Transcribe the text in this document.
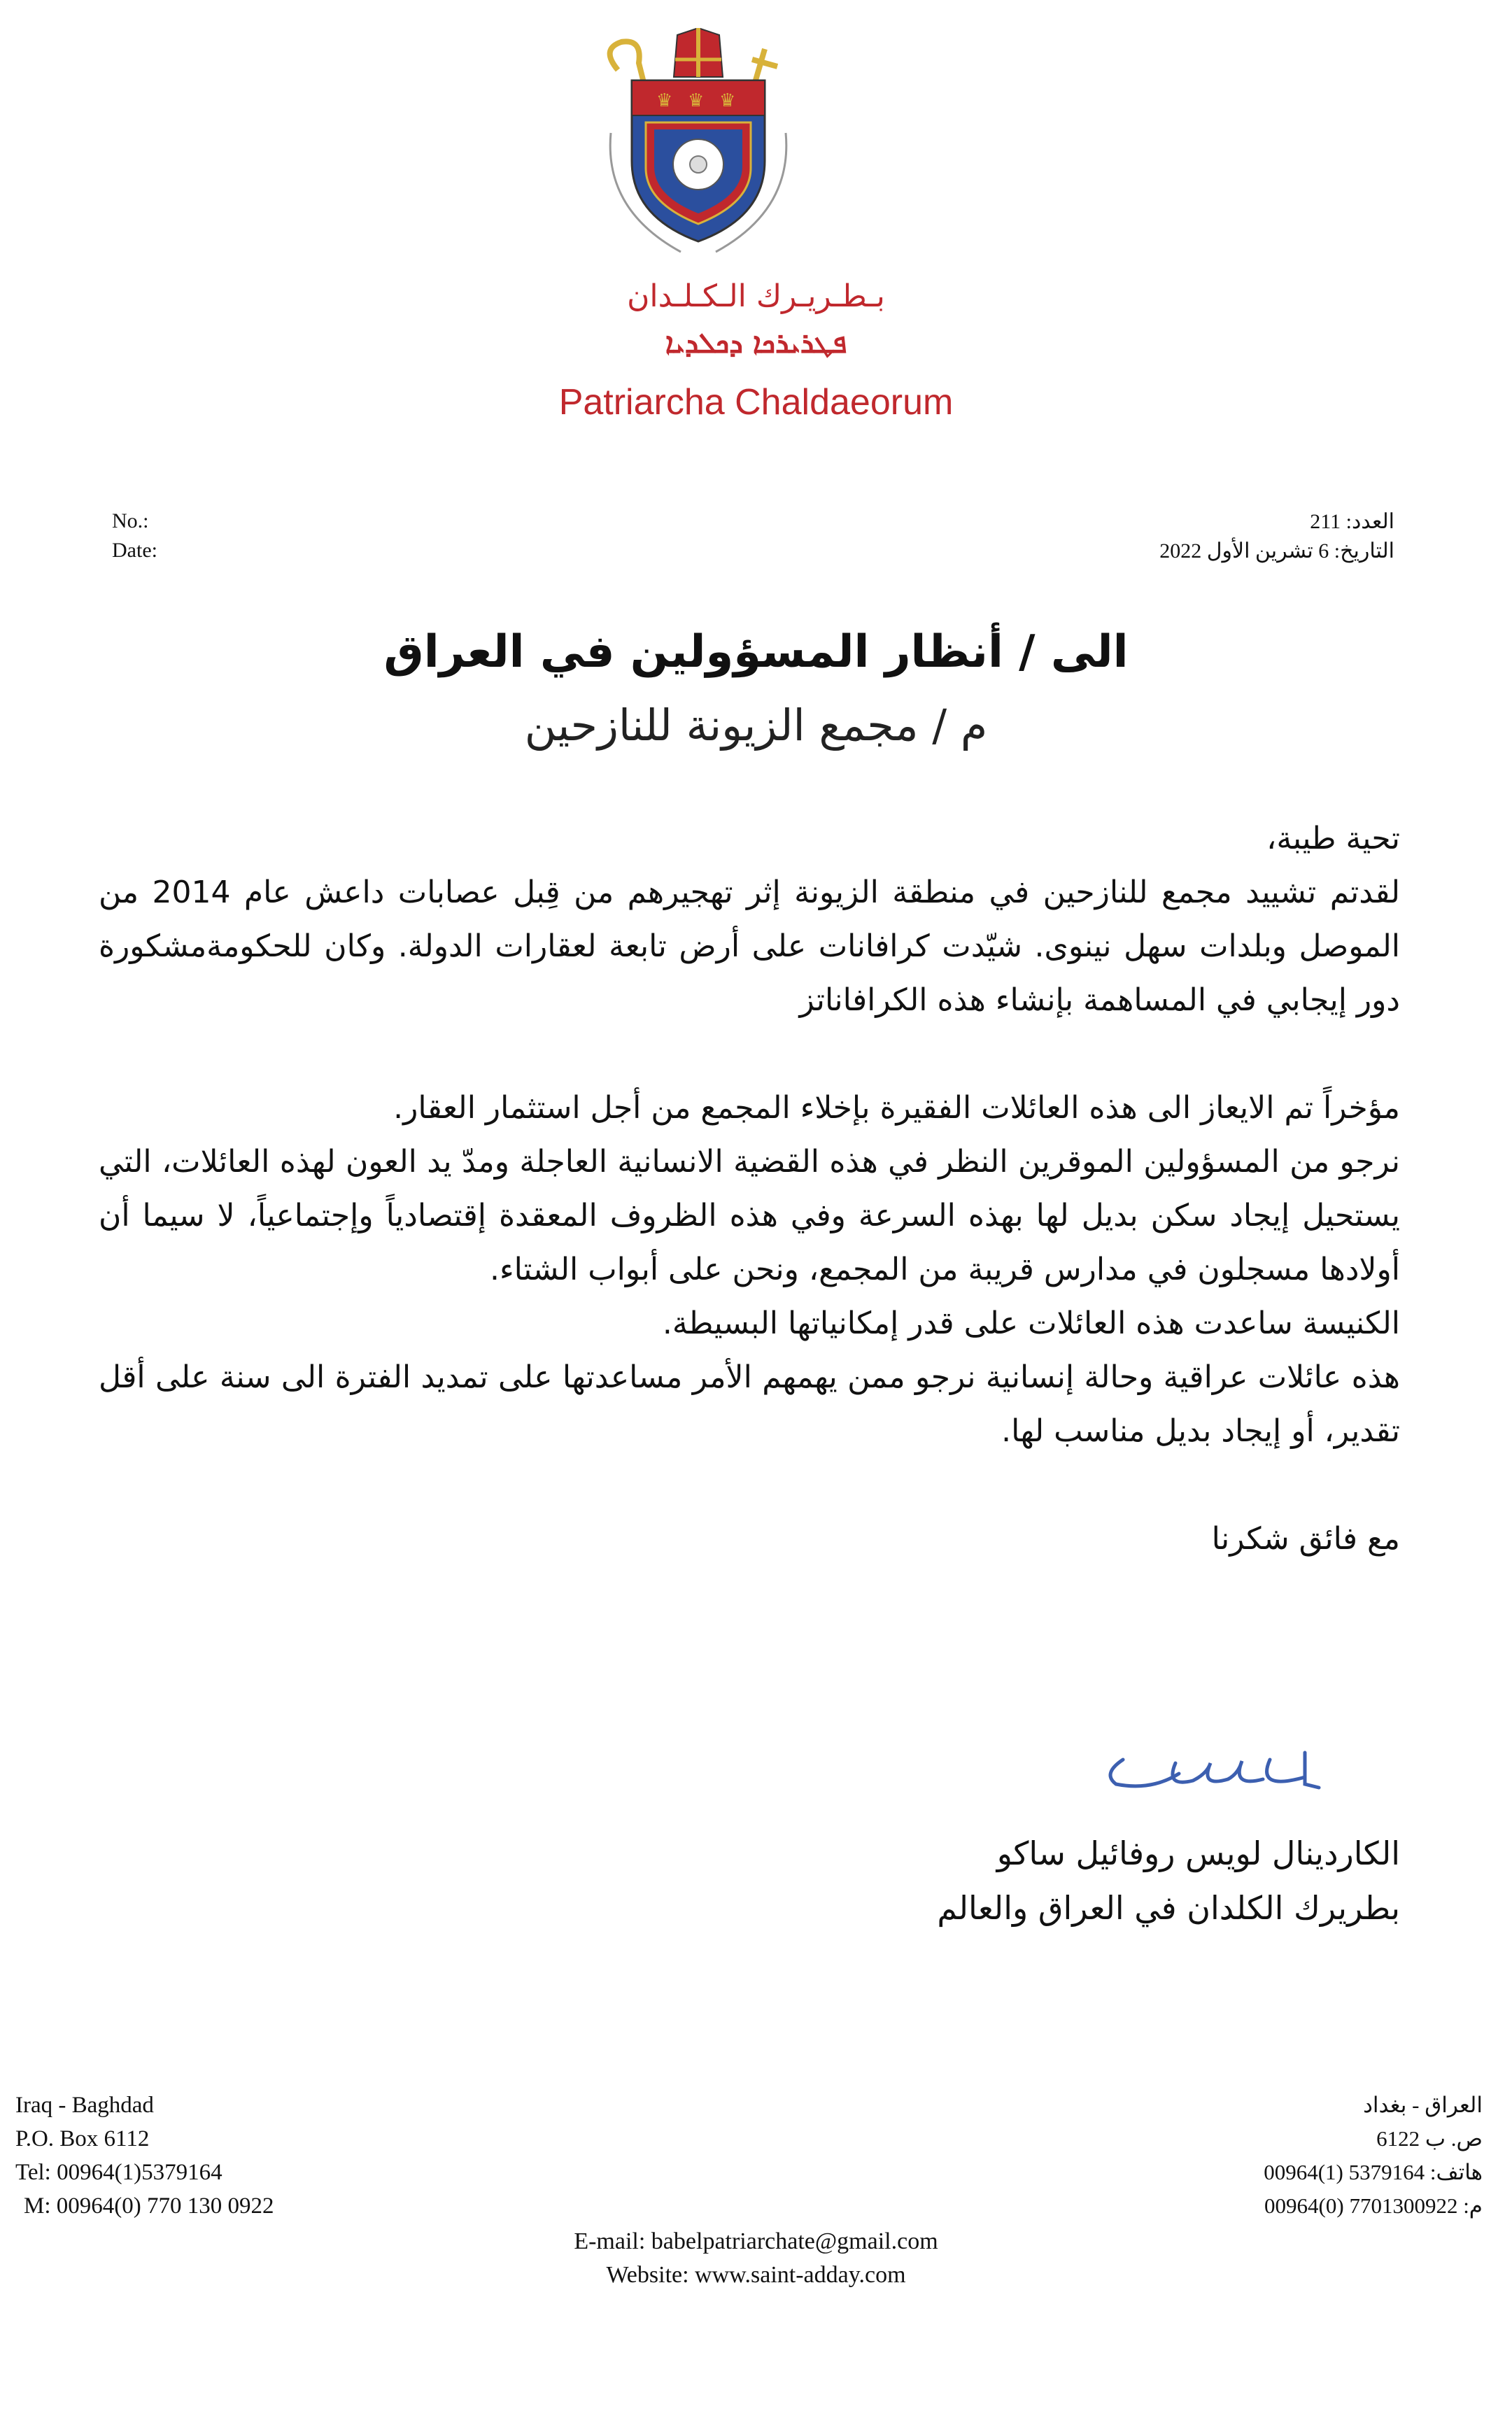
♛ ♛ ♛
بـطـريـرك الـكـلـدان
ܦܛܪܝܪܟܐ ܕܟܠܕܝܐ
Patriarcha Chaldaeorum
No.:
Date:
العدد: 211
التاريخ: 6 تشرين الأول 2022
الى / أنظار المسؤولين في العراق
م / مجمع الزيونة للنازحين

تحية طيبة،

لقدتم تشييد مجمع للنازحين في منطقة الزيونة إثر تهجيرهم من قِبل عصابات داعش عام 2014 من الموصل وبلدات سهل نينوى. شيّدت كرافانات على أرض تابعة لعقارات الدولة. وكان للحكومةمشكورة دور إيجابي في المساهمة بإنشاء هذه الكرافاناتز

مؤخراً تم الايعاز الى هذه العائلات الفقيرة بإخلاء المجمع من أجل استثمار العقار.

نرجو من المسؤولين الموقرين النظر في هذه القضية الانسانية العاجلة ومدّ يد العون لهذه العائلات، التي يستحيل إيجاد سكن بديل لها بهذه السرعة وفي هذه الظروف المعقدة إقتصادياً وإجتماعياً، لا سيما أن أولادها مسجلون في مدارس قريبة من المجمع، ونحن على أبواب الشتاء.

الكنيسة ساعدت هذه العائلات على قدر إمكانياتها البسيطة.

هذه عائلات عراقية وحالة إنسانية نرجو ممن يهمهم الأمر مساعدتها على تمديد الفترة الى سنة على أقل تقدير، أو إيجاد بديل مناسب لها.

مع فائق شكرنا

الكاردينال لويس روفائيل ساكو
بطريرك الكلدان في العراق والعالم
Iraq - Baghdad
P.O. Box 6112
Tel: 00964(1)5379164
M: 00964(0) 770 130 0922
العراق - بغداد
ص. ب 6122
هاتف: 5379164 (1)00964
م: 7701300922 (0)00964
E-mail: babelpatriarchate@gmail.com
Website: www.saint-adday.com
